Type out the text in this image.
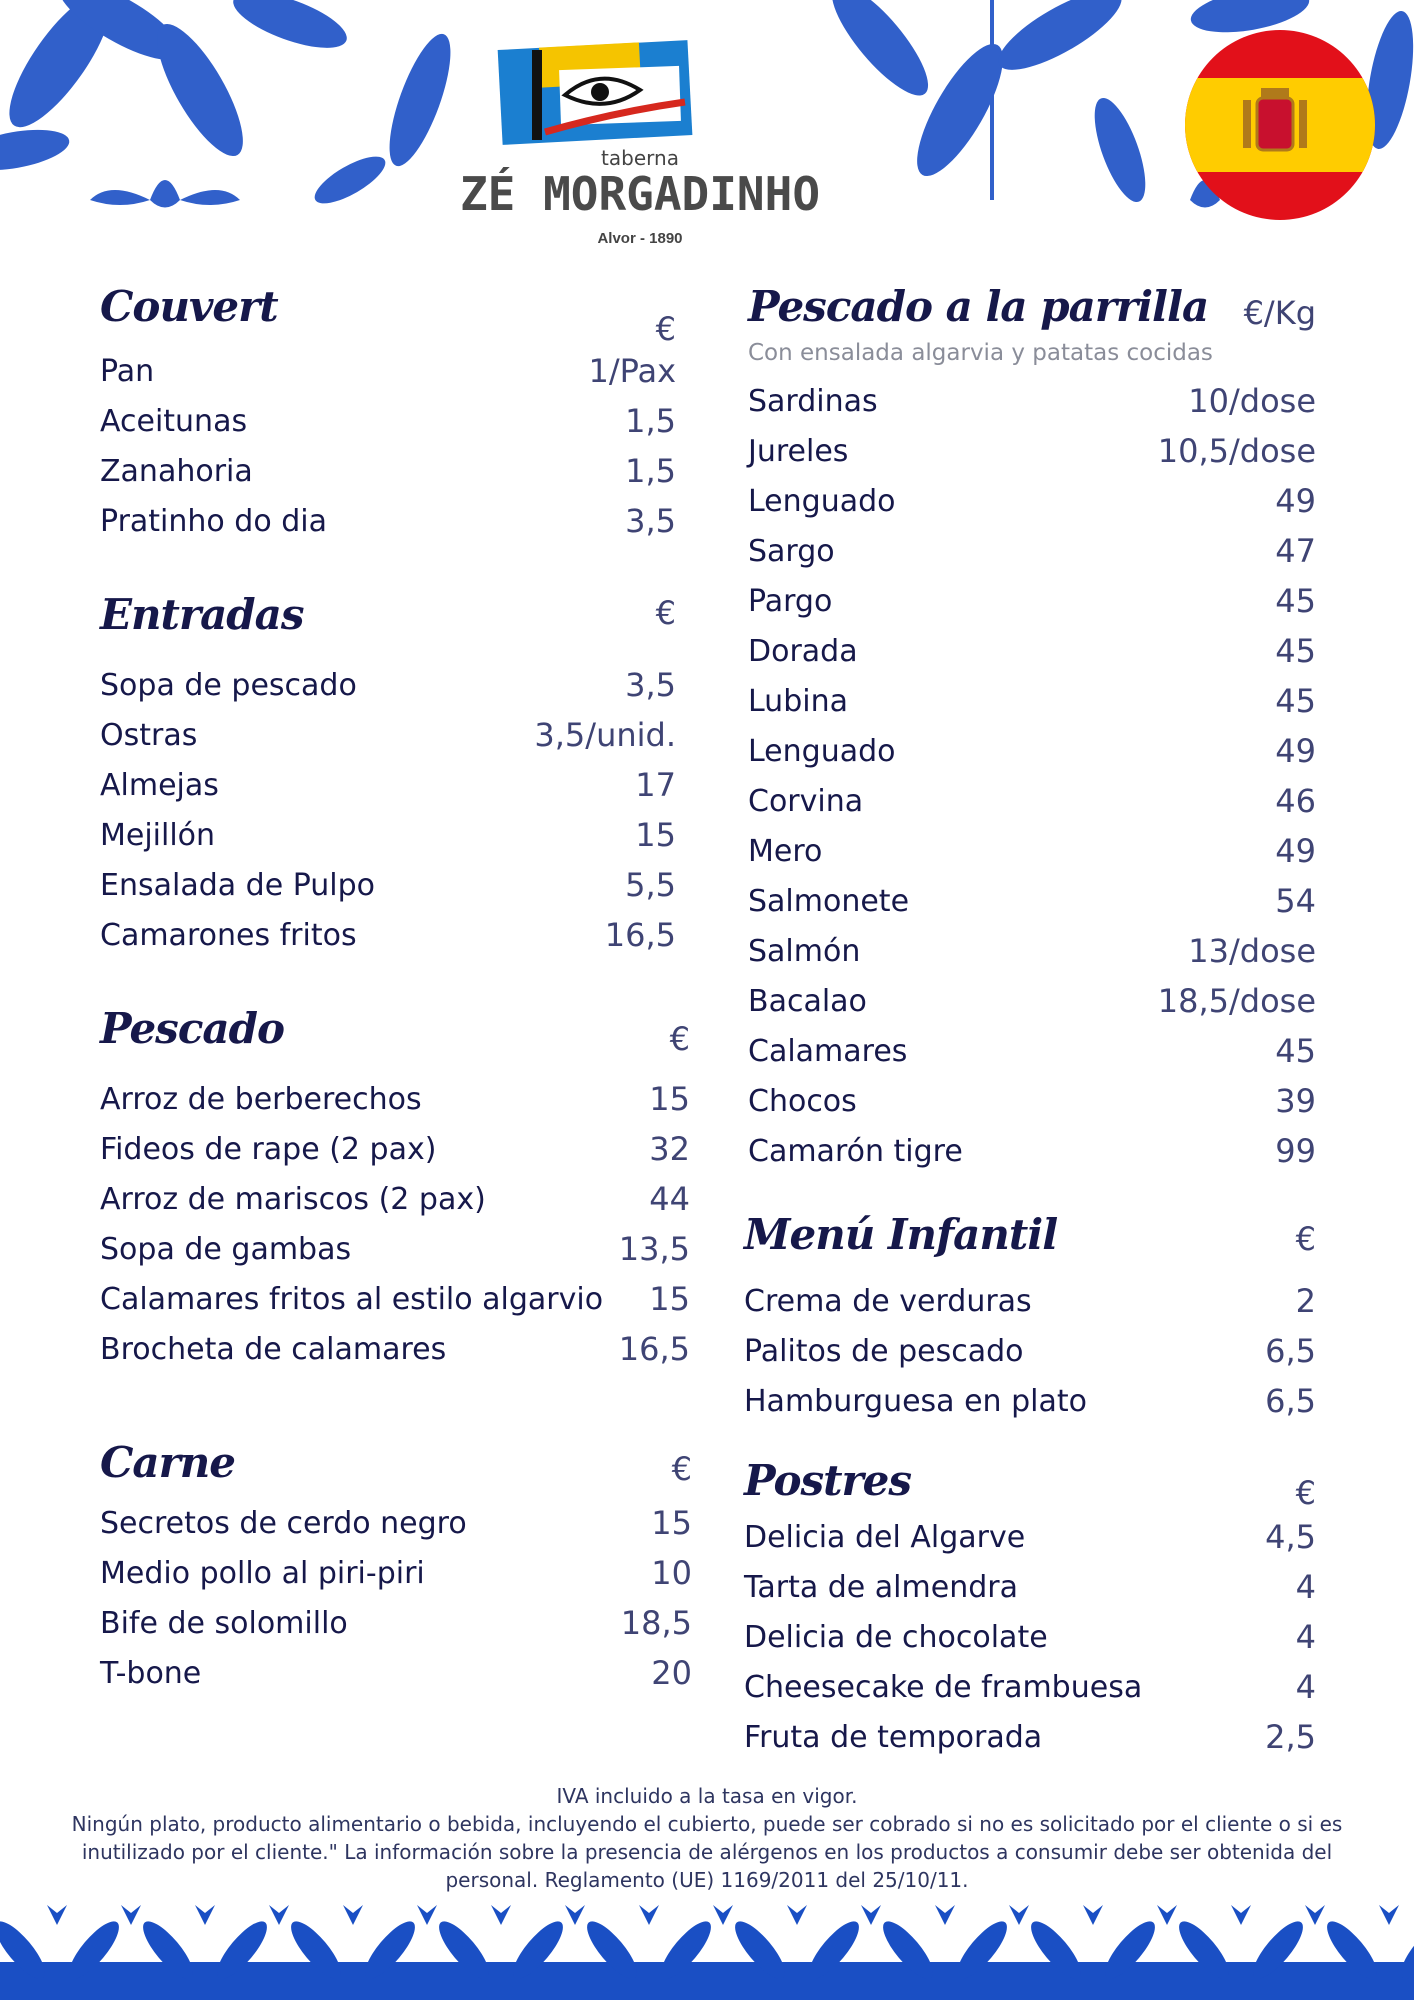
taberna
ZÉ MORGADINHO
Alvor - 1890
Couvert	€
Pan	1/Pax
Aceitunas	1,5
Zanahoria	1,5
Pratinho do dia	3,5
Entradas	€
Sopa de pescado	3,5
Ostras	3,5/unid.
Almejas	17
Mejillón	15
Ensalada de Pulpo	5,5
Camarones fritos	16,5
Pescado	€
Arroz de berberechos	15
Fideos de rape (2 pax)	32
Arroz de mariscos (2 pax)	44
Sopa de gambas	13,5
Calamares fritos al estilo algarvio 15
Brocheta de calamares	16,5
Carne	€
Secretos de cerdo negro	15
Medio pollo al piri-piri	10
Bife de solomillo	18,5
T-bone	20
Pescado a la parrilla €/Kg
Con ensalada algarvia y patatas cocidas
Sardinas	10/dose
Jureles	10,5/dose
Lenguado	49
Sargo	47
Pargo	45
Dorada	45
Lubina	45
Lenguado	49
Corvina	46
Mero	49
Salmonete	54
Salmón	13/dose
Bacalao	18,5/dose
Calamares	45
Chocos	39
Camarón tigre	99
Menú Infantil	€
Crema de verduras	2
Palitos de pescado	6,5
Hamburguesa en plato	6,5
Postres	€
Delicia del Algarve	4,5
Tarta de almendra	4
Delicia de chocolate	4
Cheesecake de frambuesa	4
Fruta de temporada	2,5
IVA incluido a la tasa en vigor.
Ningún plato, producto alimentario o bebida, incluyendo el cubierto, puede ser cobrado si no es solicitado por el cliente o si es inutilizado por el cliente." La información sobre la presencia de alérgenos en los productos a consumir debe ser obtenida del personal. Reglamento (UE) 1169/2011 del 25/10/11.
